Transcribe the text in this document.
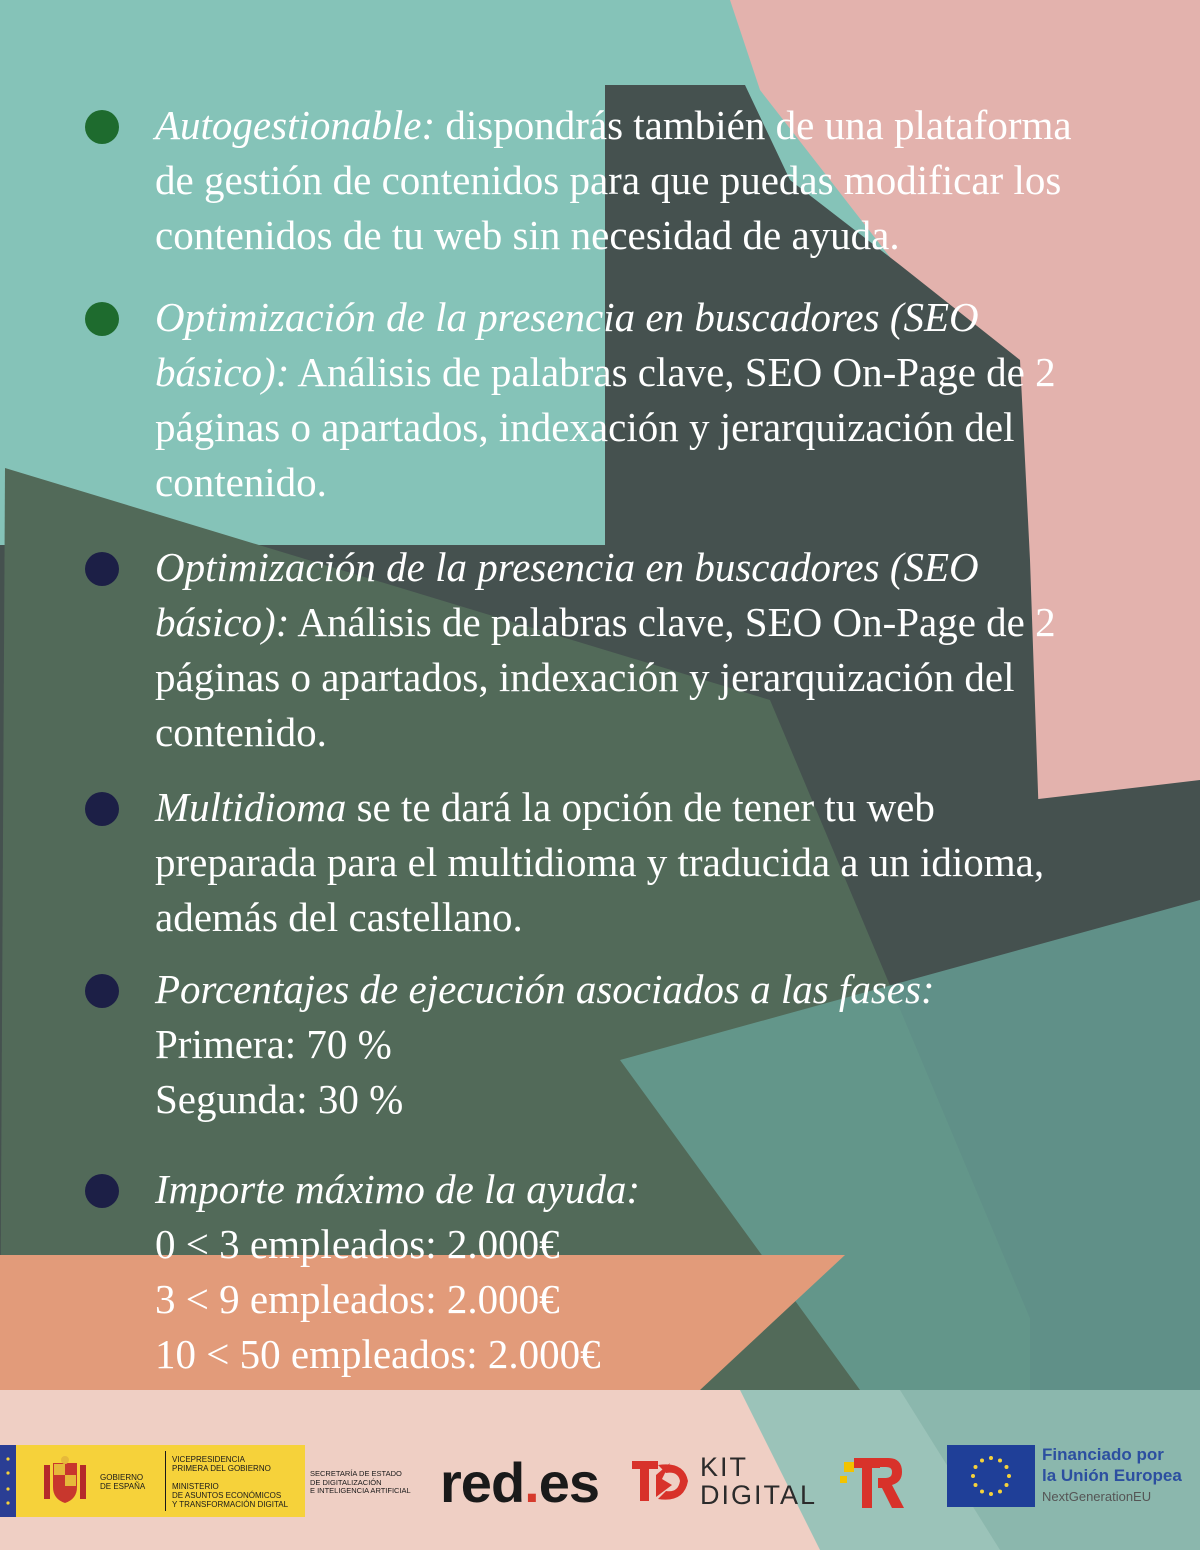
Autogestionable: dispondrás también de una plataforma
de gestión de contenidos para que puedas modificar los
contenidos de tu web sin necesidad de ayuda.
Optimización de la presencia en buscadores (SEO
básico): Análisis de palabras clave, SEO On-Page de 2
páginas o apartados, indexación y jerarquización del
contenido.
Optimización de la presencia en buscadores (SEO
básico): Análisis de palabras clave, SEO On-Page de 2
páginas o apartados, indexación y jerarquización del
contenido.
Multidioma se te dará la opción de tener tu web
preparada para el multidioma y traducida a un idioma,
además del castellano.
Porcentajes de ejecución asociados a las fases:
Primera: 70 %
Segunda: 30 %
Importe máximo de la ayuda:
0 < 3 empleados: 2.000€
3 < 9 empleados: 2.000€
10 < 50 empleados: 2.000€
GOBIERNO
DE ESPAÑA
VICEPRESIDENCIA
PRIMERA DEL GOBIERNO
MINISTERIO
DE ASUNTOS ECONÓMICOS
Y TRANSFORMACIÓN DIGITAL
SECRETARÍA DE ESTADO
DE DIGITALIZACIÓN
E INTELIGENCIA ARTIFICIAL red.es	KIT
DIGITAL
Financiado por
la Unión Europea
NextGenerationEU
